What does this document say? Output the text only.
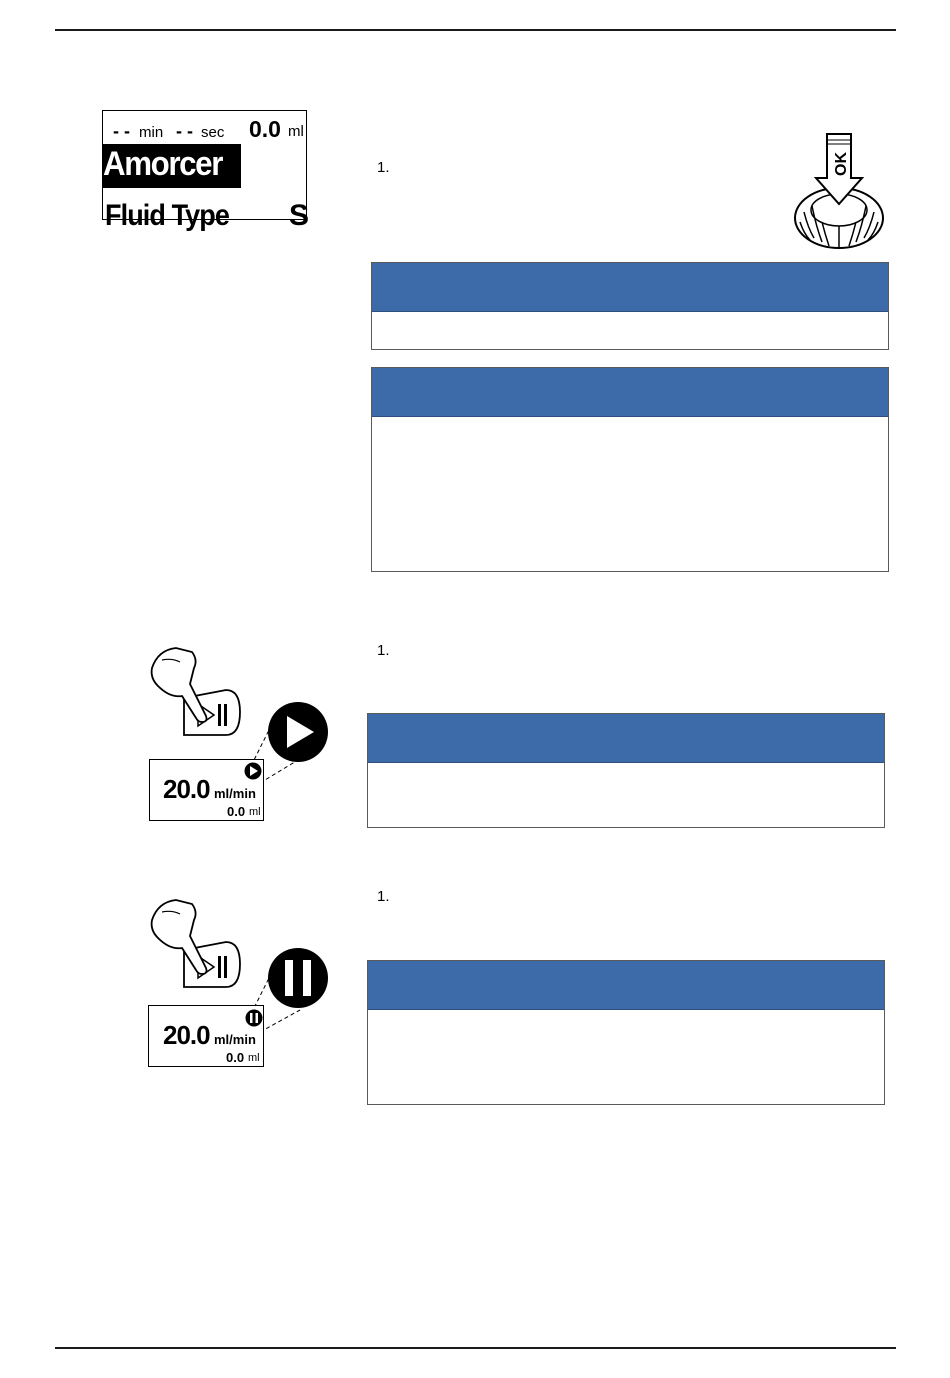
- - min - - sec 0.0 ml
Amorcer
Fluid Type S
1.	OK
20.0 ml/min
0.0 ml
1.
20.0 ml/min
0.0 ml
1.
